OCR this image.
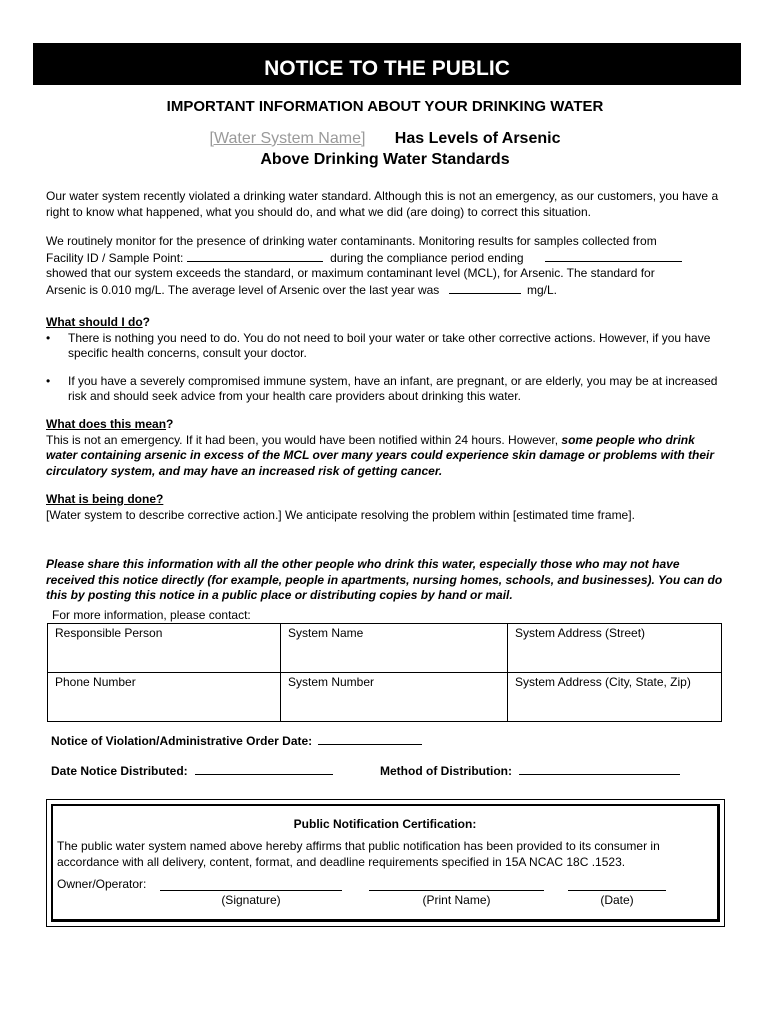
NOTICE TO THE PUBLIC
IMPORTANT INFORMATION ABOUT YOUR DRINKING WATER
[Water System Name] Has Levels of Arsenic
Above Drinking Water Standards
Our water system recently violated a drinking water standard. Although this is not an emergency, as our customers, you have a right to know what happened, what you should do, and what we did (are doing) to correct this situation.
We routinely monitor for the presence of drinking water contaminants. Monitoring results for samples collected from
Facility ID / Sample Point:	during the compliance period ending
showed that our system exceeds the standard, or maximum contaminant level (MCL), for Arsenic. The standard for
Arsenic is 0.010 mg/L. The average level of Arsenic over the last year was	mg/L.
What should I do?
• There is nothing you need to do. You do not need to boil your water or take other corrective actions. However, if you have specific health concerns, consult your doctor.
• If you have a severely compromised immune system, have an infant, are pregnant, or are elderly, you may be at increased risk and should seek advice from your health care providers about drinking this water.
What does this mean?
This is not an emergency. If it had been, you would have been notified within 24 hours. However, some people who drink water containing arsenic in excess of the MCL over many years could experience skin damage or problems with their circulatory system, and may have an increased risk of getting cancer.
What is being done?
[Water system to describe corrective action.] We anticipate resolving the problem within [estimated time frame].
Please share this information with all the other people who drink this water, especially those who may not have received this notice directly (for example, people in apartments, nursing homes, schools, and businesses). You can do this by posting this notice in a public place or distributing copies by hand or mail.
For more information, please contact:
Responsible Person	System Name	System Address (Street)
Phone Number	System Number	System Address (City, State, Zip)
Notice of Violation/Administrative Order Date:
Date Notice Distributed:	Method of Distribution:
Public Notification Certification:
The public water system named above hereby affirms that public notification has been provided to its consumer in accordance with all delivery, content, format, and deadline requirements specified in 15A NCAC 18C .1523.
Owner/Operator:
(Signature)	(Print Name)	(Date)
